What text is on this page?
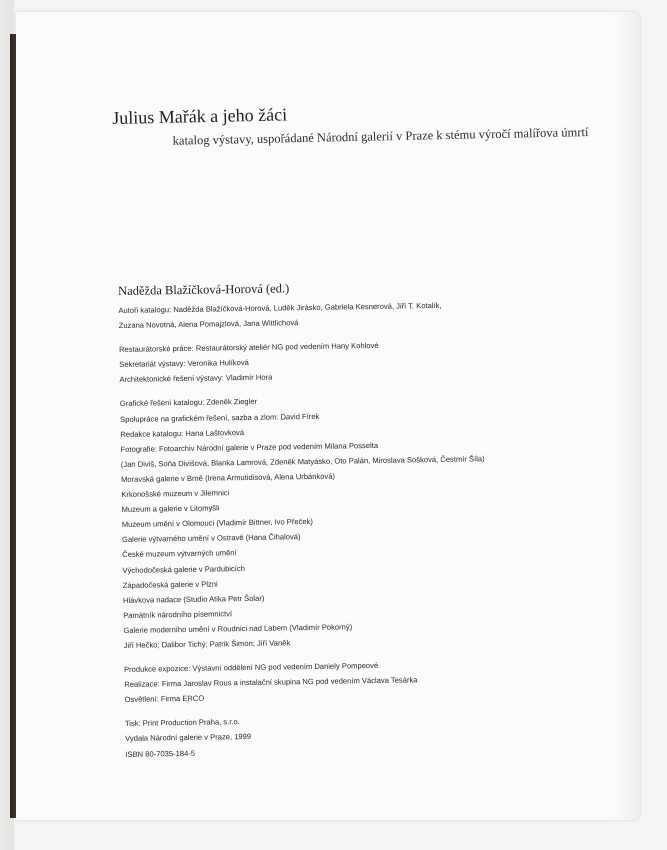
Julius Mařák a jeho žáci
katalog výstavy, uspořádané Národní galerií v Praze k stému výročí malířova úmrtí
Naděžda Blažíčková-Horová (ed.)
Autoři katalogu: Naděžda Blažíčková-Horová, Luděk Jirásko, Gabriela Kesnerová, Jiří T. Kotalík,
Zuzana Novotná, Alena Pomajzlová, Jana Wittlichová
Restaurátorské práce: Restaurátorský ateliér NG pod vedením Hany Kohlové
Sekretariát výstavy: Veronika Hulíková
Architektonické řešení výstavy: Vladimír Hora
Grafické řešení katalogu: Zdeněk Ziegler
Spolupráce na grafickém řešení, sazba a zlom: David Fírek
Redakce katalogu: Hana Laštovková
Fotografie: Fotoarchiv Národní galerie v Praze pod vedením Milana Posselta
(Jan Diviš, Soňa Divišová, Blanka Lamrová, Zdeněk Matyásko, Oto Palán, Miroslava Sošková, Čestmír Šíla)
Moravská galerie v Brně (Irena Armutidisová, Alena Urbánková)
Krkonošské muzeum v Jilemnici
Muzeum a galerie v Litomyšli
Muzeum umění v Olomouci (Vladimír Bittner, Ivo Přeček)
Galerie výtvarného umění v Ostravě (Hana Čihalová)
České muzeum výtvarných umění
Východočeská galerie v Pardubicích
Západočeská galerie v Plzni
Hlávkova nadace (Studio Atika Petr Šolar)
Památník národního písemnictví
Galerie moderního umění v Roudnici nad Labem (Vladimír Pokorný)
Jiří Hečko; Dalibor Tichý; Patrik Šimon; Jiří Vaněk
Produkce expozice: Výstavní oddělení NG pod vedením Daniely Pompeové
Realizace: Firma Jaroslav Rous a instalační skupina NG pod vedením Václava Tesárka
Osvětlení: Firma ERCO
Tisk: Print Production Praha, s.r.o.
Vydala Národní galerie v Praze, 1999
ISBN 80-7035-184-5
